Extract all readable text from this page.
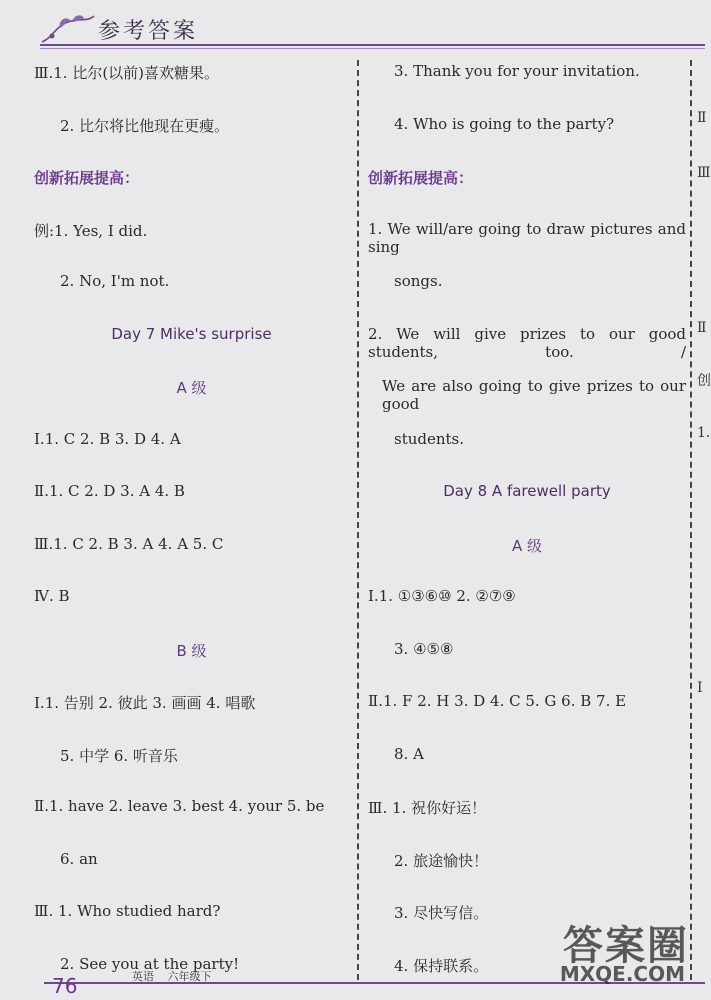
参考答案
Ⅲ.1. 比尔(以前)喜欢糖果。
2. 比尔将比他现在更瘦。
创新拓展提高：
例:1. Yes, I did.
2. No, I'm not.
Day 7 Mike's surprise
A 级
Ⅰ.1. C 2. B 3. D 4. A
Ⅱ.1. C 2. D 3. A 4. B
Ⅲ.1. C 2. B 3. A 4. A 5. C
Ⅳ. B
B 级
Ⅰ.1. 告别 2. 彼此 3. 画画 4. 唱歌
5. 中学 6. 听音乐
Ⅱ.1. have 2. leave 3. best 4. your 5. be
6. an
Ⅲ. 1. Who studied hard?
2. See you at the party!
3. Thank you for your invitation.
4. Who is going to the party?
创新拓展提高：
1. We will/are going to draw pictures and sing
songs.
2. We will give prizes to our good students, too. /
We are also going to give prizes to our good
students.
Day 8 A farewell party
A 级
Ⅰ.1. ①③⑥⑩ 2. ②⑦⑨
3. ④⑤⑧
Ⅱ.1. F 2. H 3. D 4. C 5. G 6. B 7. E
8. A
Ⅲ. 1. 祝你好运！
2. 旅途愉快！
3. 尽快写信。
4. 保持联系。
Ⅱ
Ⅲ
Ⅱ
创
1.
Ⅰ
76	英语 六年级下
答案圈
MXQE.COM
